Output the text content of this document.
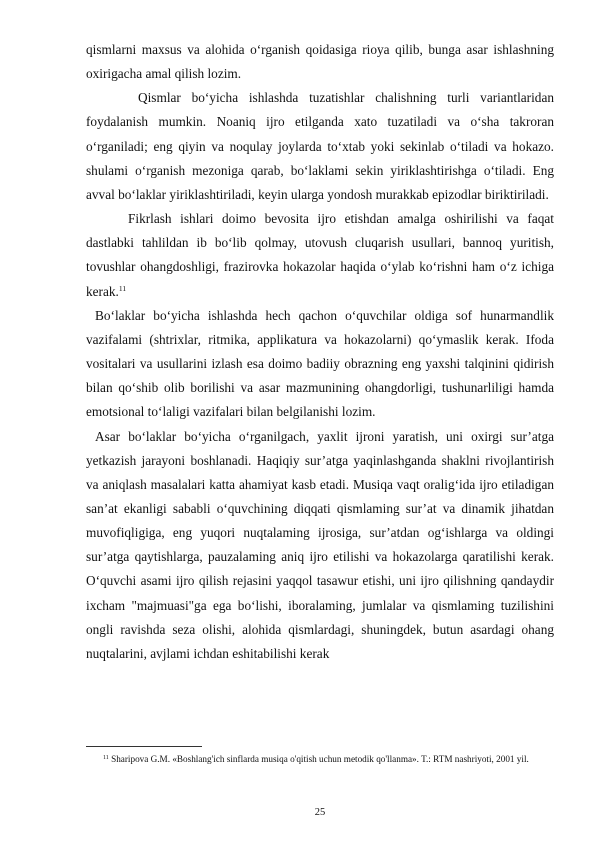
qismlarni maxsus va alohida o‘rganish qoidasiga rioya qilib, bunga asar ishlashning oxirigacha amal qilish lozim.

Qismlar bo‘yicha ishlashda tuzatishlar chalishning turli variantlaridan foydalanish mumkin. Noaniq ijro etilganda xato tuzatiladi va o‘sha takroran o‘rganiladi; eng qiyin va noqulay joylarda to‘xtab yoki sekinlab o‘tiladi va hokazo. shulami o‘rganish mezoniga qarab, bo‘laklami sekin yiriklashtirishga o‘tiladi. Eng avval bo‘laklar yiriklashtiriladi, keyin ularga yondosh murakkab epizodlar biriktiriladi.

Fikrlash ishlari doimo bevosita ijro etishdan amalga oshirilishi va faqat dastlabki tahlildan ib bo‘lib qolmay, utovush cluqarish usullari, bannoq yuritish, tovushlar ohangdoshligi, frazirovka hokazolar haqida o‘ylab ko‘rishni ham o‘z ichiga kerak.$^{11}$

Bo‘laklar bo‘yicha ishlashda hech qachon o‘quvchilar oldiga sof hunarmandlik vazifalami (shtrixlar, ritmika, applikatura va hokazolarni) qo‘ymaslik kerak. Ifoda vositalari va usullarini izlash esa doimo badiiy obrazning eng yaxshi talqinini qidirish bilan qo‘shib olib borilishi va asar mazmunining ohangdorligi, tushunarliligi hamda emotsional to‘laligi vazifalari bilan belgilanishi lozim.

Asar bo‘laklar bo‘yicha o‘rganilgach, yaxlit ijroni yaratish, uni oxirgi sur’atga yetkazish jarayoni boshlanadi. Haqiqiy sur’atga yaqinlashganda shaklni rivojlantirish va aniqlash masalalari katta ahamiyat kasb etadi. Musiqa vaqt oralig‘ida ijro etiladigan san’at ekanligi sababli o‘quvchining diqqati qismlaming sur’at va dinamik jihatdan muvofiqligiga, eng yuqori nuqtalaming ijrosiga, sur’atdan og‘ishlarga va oldingi sur’atga qaytishlarga, pauzalaming aniq ijro etilishi va hokazolarga qaratilishi kerak. O‘quvchi asami ijro qilish rejasini yaqqol tasawur etishi, uni ijro qilishning qandaydir ixcham "majmuasi"ga ega bo‘lishi, iboralaming, jumlalar va qismlaming tuzilishini ongli ravishda seza olishi, alohida qismlardagi, shuningdek, butun asardagi ohang nuqtalarini, avjlami ichdan eshitabilishi kerak

$^{11}$ Sharipova G.M. «Boshlang'ich sinflarda musiqa o'qitish uchun metodik qo'llanma». T.: RTM nashriyoti, 2001 yil.

25
